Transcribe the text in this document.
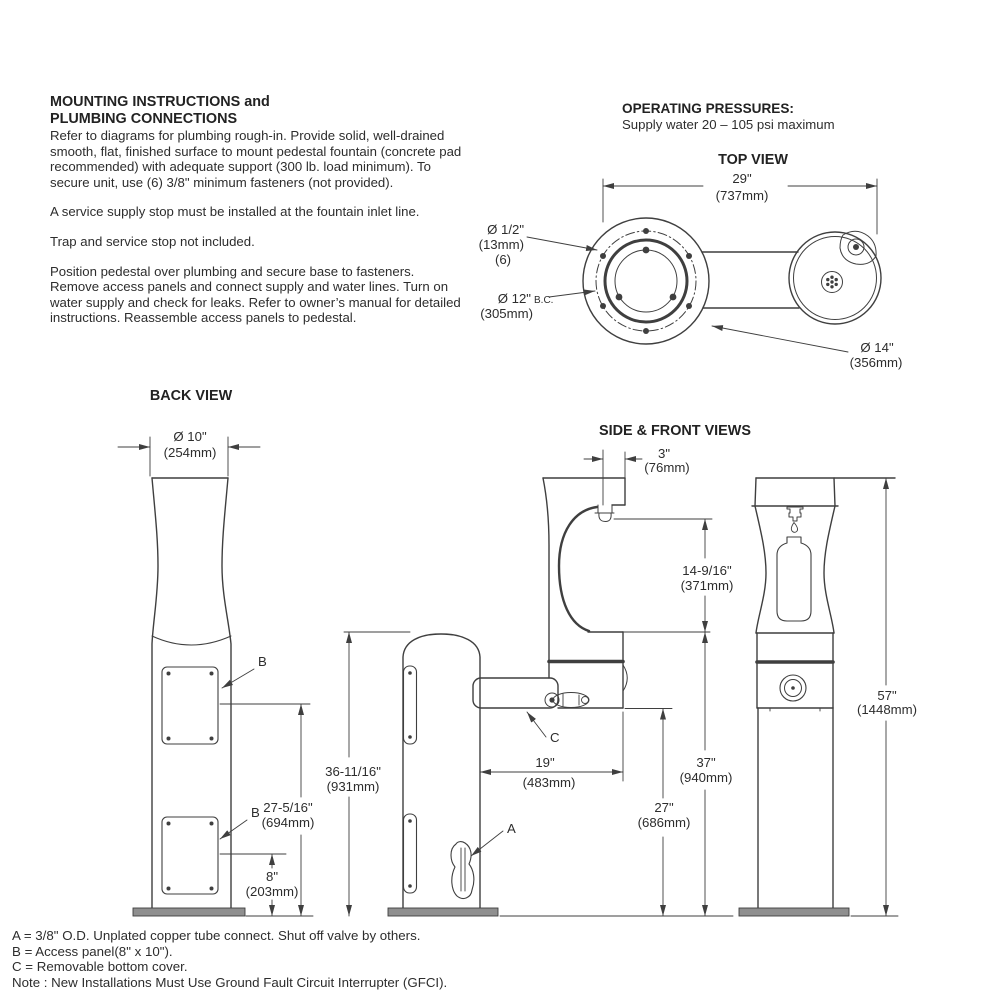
MOUNTING INSTRUCTIONS and
PLUMBING CONNECTIONS

Refer to diagrams for plumbing rough-in. Provide solid, well-drained smooth, flat, finished surface to mount pedestal fountain (concrete pad recommended) with adequate support (300 lb. load minimum). To secure unit, use (6) 3/8" minimum fasteners (not provided).

A service supply stop must be installed at the fountain inlet line.

Trap and service stop not included.

Position pedestal over plumbing and secure base to fasteners. Remove access panels and connect supply and water lines. Turn on water supply and check for leaks. Refer to owner’s manual for detailed instructions. Reassemble access panels to pedestal.

OPERATING PRESSURES:
Supply water 20 – 105 psi maximum
A = 3/8" O.D. Unplated copper tube connect. Shut off valve by others.
B = Access panel(8" x 10").
C = Removable bottom cover.
Note : New Installations Must Use Ground Fault Circuit Interrupter (GFCI).
TOP VIEW
29"
(737mm)
Ø 1/2"
(13mm)
(6)
Ø 12" B.C.
(305mm)
Ø 14"
(356mm)
BACK VIEW
Ø 10"
(254mm)
B
B 27-5/16"
(694mm)
8"
(203mm)
SIDE & FRONT VIEWS
36-11/16"
(931mm)
A
C
3"
(76mm)
14-9/16"
(371mm)
19"
(483mm)
27"
(686mm)
37"
(940mm)
57"
(1448mm)
